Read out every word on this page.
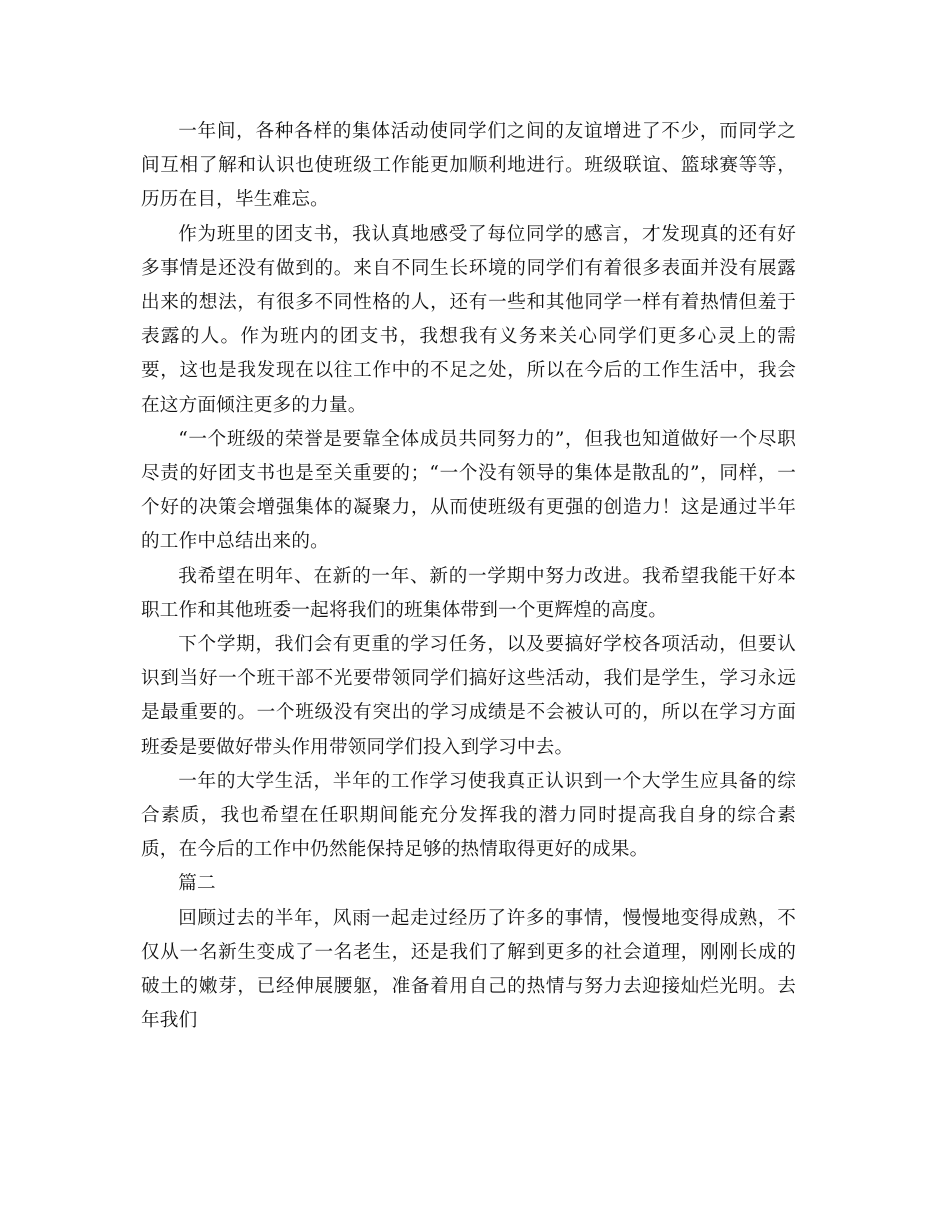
一年间，各种各样的集体活动使同学们之间的友谊增进了不少，而同学之间互相了解和认识也使班级工作能更加顺利地进行。班级联谊、篮球赛等等，历历在目，毕生难忘。

作为班里的团支书，我认真地感受了每位同学的感言，才发现真的还有好多事情是还没有做到的。来自不同生长环境的同学们有着很多表面并没有展露出来的想法，有很多不同性格的人，还有一些和其他同学一样有着热情但羞于表露的人。作为班内的团支书，我想我有义务来关心同学们更多心灵上的需要，这也是我发现在以往工作中的不足之处，所以在今后的工作生活中，我会在这方面倾注更多的力量。

“一个班级的荣誉是要靠全体成员共同努力的”，但我也知道做好一个尽职尽责的好团支书也是至关重要的；“一个没有领导的集体是散乱的”，同样，一个好的决策会增强集体的凝聚力，从而使班级有更强的创造力！这是通过半年的工作中总结出来的。

我希望在明年、在新的一年、新的一学期中努力改进。我希望我能干好本职工作和其他班委一起将我们的班集体带到一个更辉煌的高度。

下个学期，我们会有更重的学习任务，以及要搞好学校各项活动，但要认识到当好一个班干部不光要带领同学们搞好这些活动，我们是学生，学习永远是最重要的。一个班级没有突出的学习成绩是不会被认可的，所以在学习方面班委是要做好带头作用带领同学们投入到学习中去。

一年的大学生活，半年的工作学习使我真正认识到一个大学生应具备的综合素质，我也希望在任职期间能充分发挥我的潜力同时提高我自身的综合素质，在今后的工作中仍然能保持足够的热情取得更好的成果。

篇二

回顾过去的半年，风雨一起走过经历了许多的事情，慢慢地变得成熟，不仅从一名新生变成了一名老生，还是我们了解到更多的社会道理，刚刚长成的破土的嫩芽，已经伸展腰躯，准备着用自己的热情与努力去迎接灿烂光明。去年我们
